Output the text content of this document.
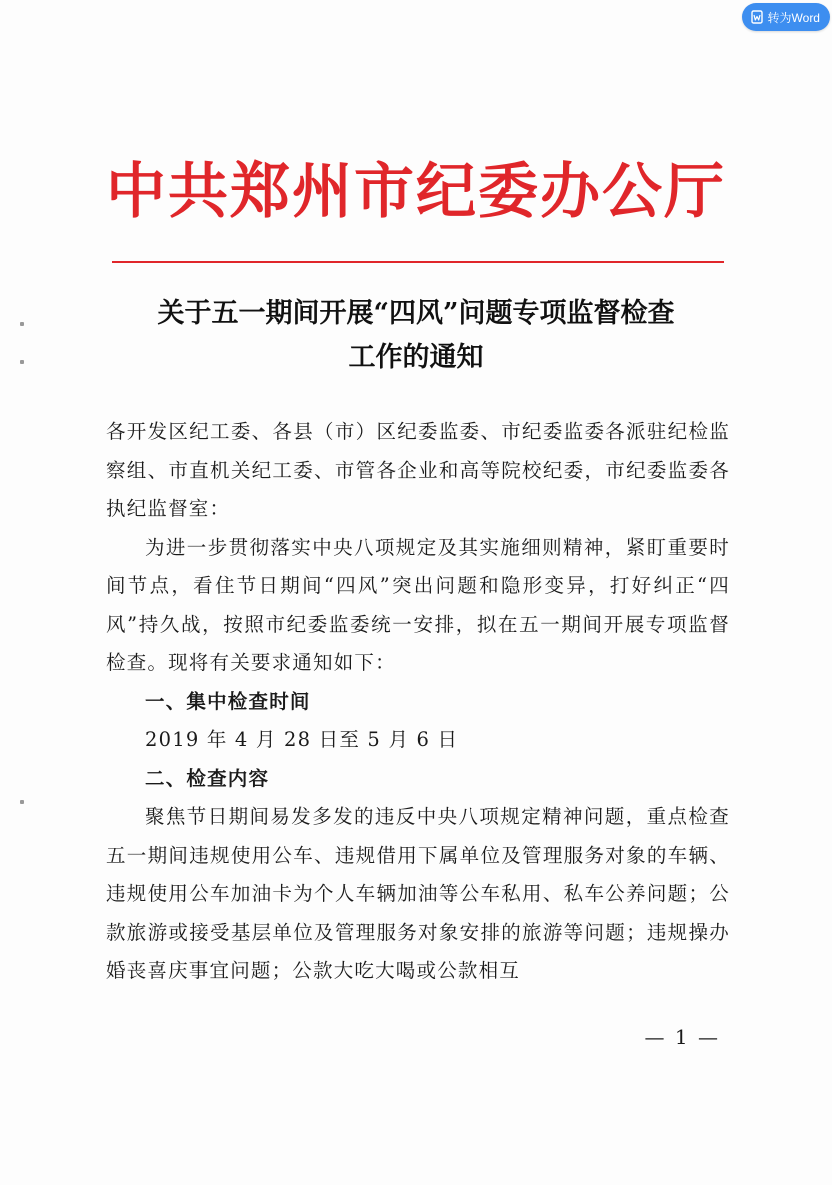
转为Word
中共郑州市纪委办公厅
关于五一期间开展“四风”问题专项监督检查
工作的通知

各开发区纪工委、各县（市）区纪委监委、市纪委监委各派驻纪检监察组、市直机关纪工委、市管各企业和高等院校纪委，市纪委监委各执纪监督室：

为进一步贯彻落实中央八项规定及其实施细则精神，紧盯重要时间节点，看住节日期间“四风”突出问题和隐形变异，打好纠正“四风”持久战，按照市纪委监委统一安排，拟在五一期间开展专项监督检查。现将有关要求通知如下：

一、集中检查时间

2019 年 4 月 28 日至 5 月 6 日

二、检查内容

聚焦节日期间易发多发的违反中央八项规定精神问题，重点检查五一期间违规使用公车、违规借用下属单位及管理服务对象的车辆、违规使用公车加油卡为个人车辆加油等公车私用、私车公养问题；公款旅游或接受基层单位及管理服务对象安排的旅游等问题；违规操办婚丧喜庆事宜问题；公款大吃大喝或公款相互

— 1 —
